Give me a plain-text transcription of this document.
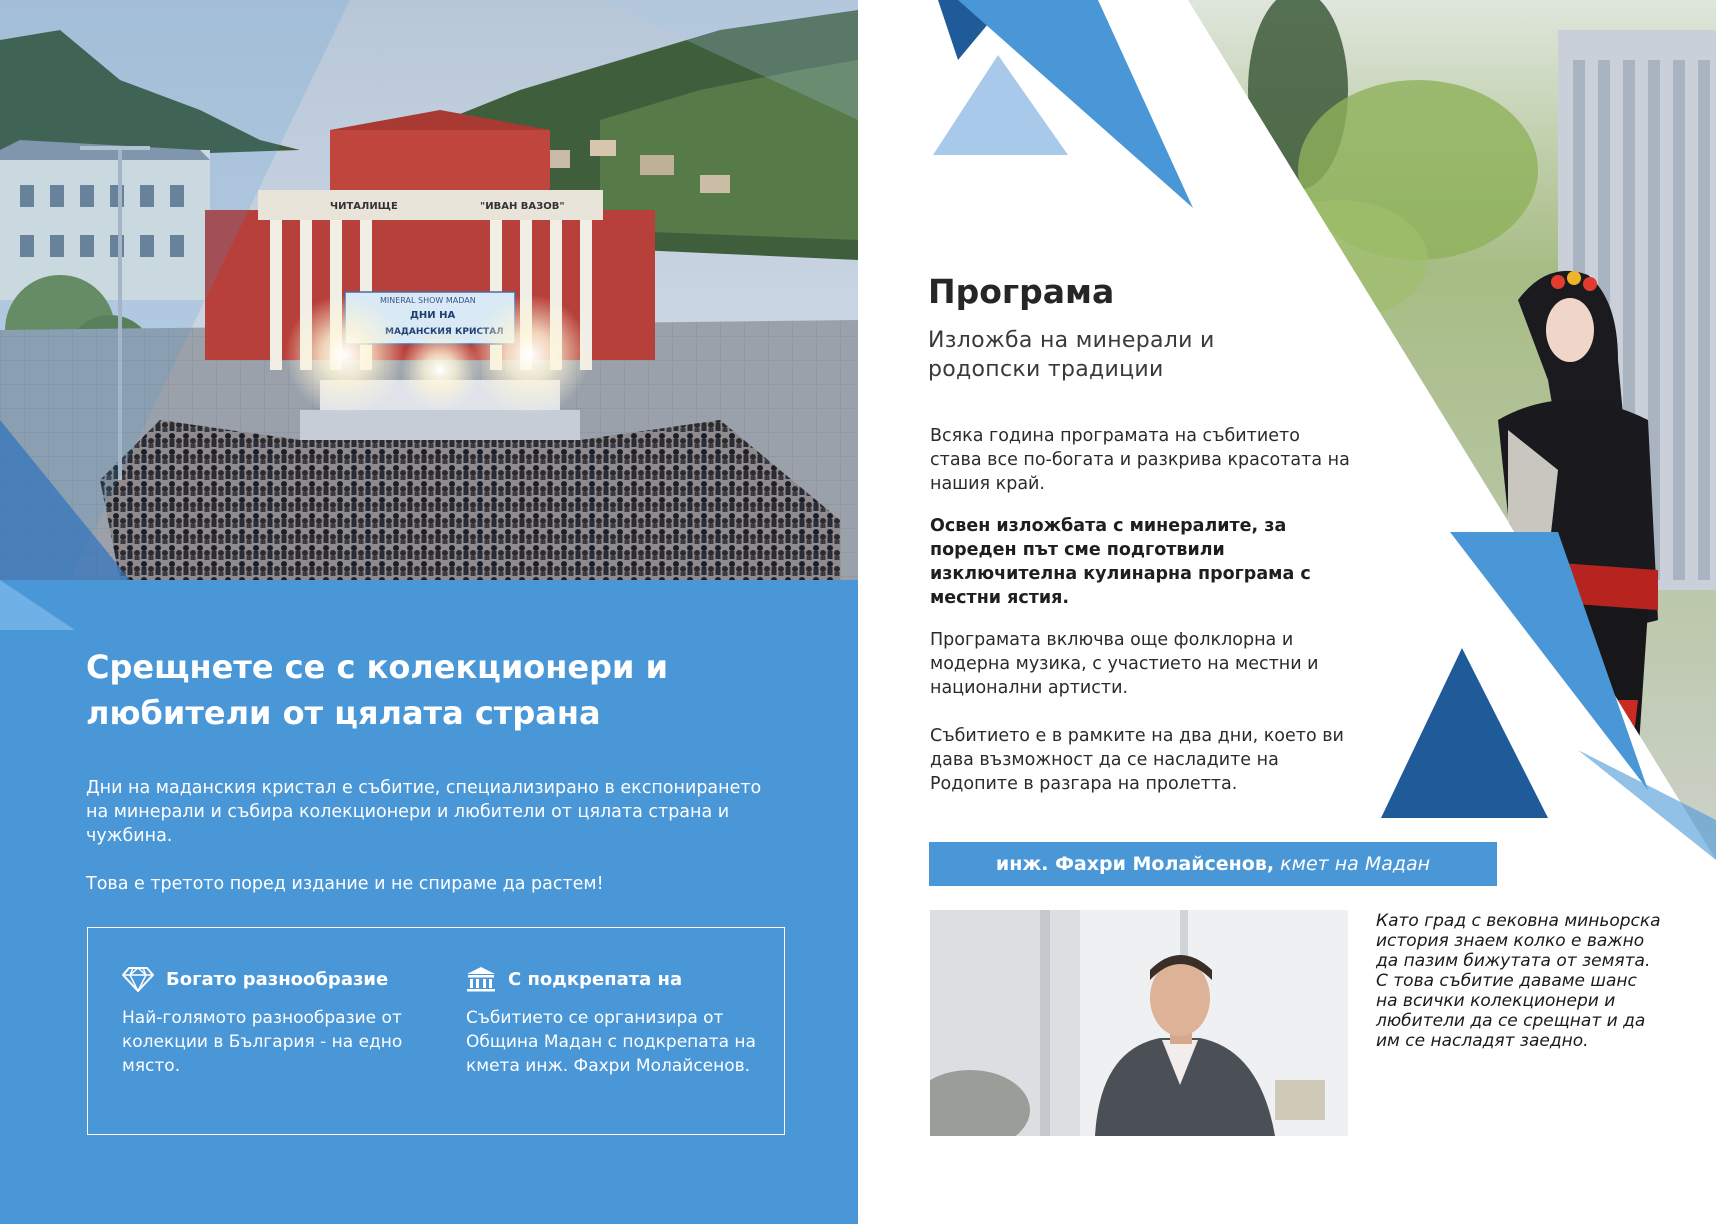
ЧИТАЛИЩЕ	"ИВАН ВАЗОВ"
MINERAL SHOW MADAN
ДНИ НА
МАДАНСКИЯ
Срещнете се с колекционери и
любители от цялата страна

Дни на маданския кристал е събитие, специализирано в експонирането на минерали и събира колекционери и любители от цялата страна и чужбина.

Това е третото поред издание и не спираме да растем!

Богато разнообразие

Най-голямото разнообразие от колекции в България - на едно място.

С подкрепата на

Събитието се организира от Община Мадан с подкрепата на кмета инж. Фахри Молайсенов.

Програма

Изложба на минерали и родопски традиции

Всяка година програмата на събитието става все по-богата и разкрива красотата на нашия край.

Освен изложбата с минералите, за пореден път сме подготвили изключителна кулинарна програма с местни ястия.

Програмата включва още фолклорна и модерна музика, с участието на местни и национални артисти.

Събитието е в рамките на два дни, което ви дава възможност да се насладите на Родопите в разгара на пролетта.

инж. Фахри Молайсенов,
кмет на Мадан

Като град с вековна миньорска история знаем колко е важно да пазим бижутата от земята. С това събитие даваме шанс на всички колекционери и любители да се срещнат и да им се насладят заедно.
